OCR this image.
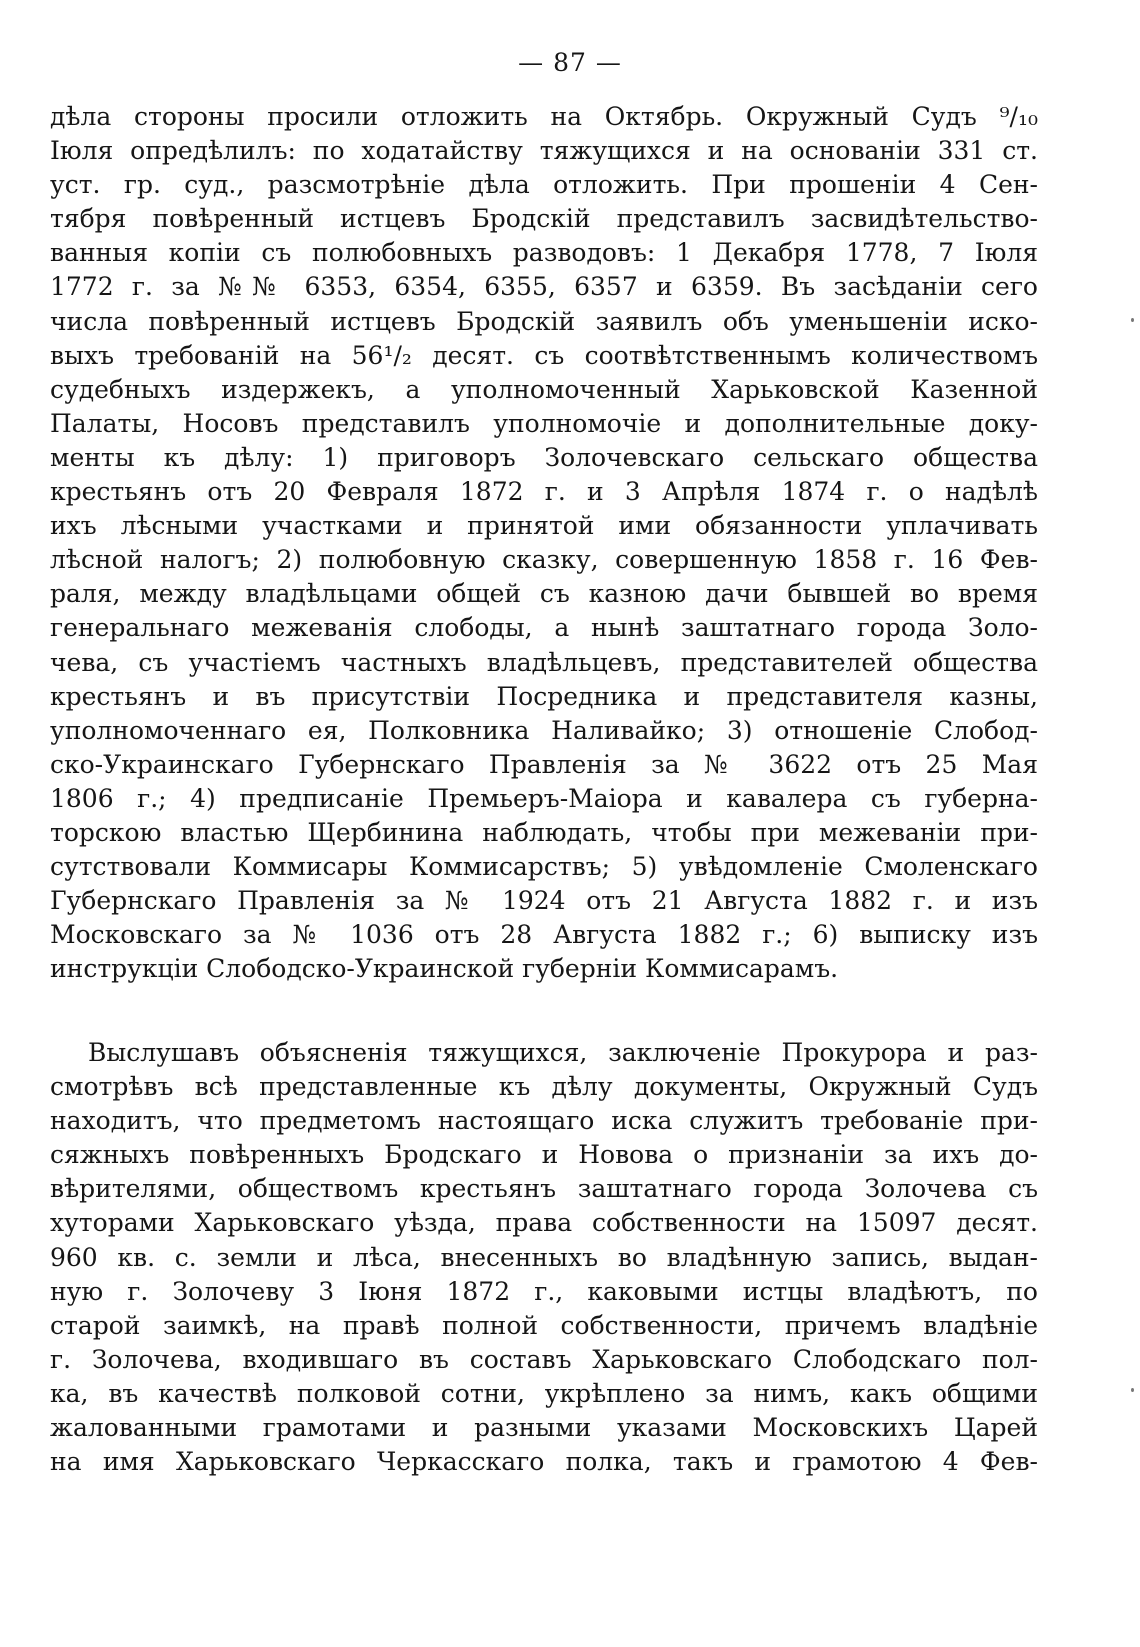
— 87 —
дѣла стороны просили отложить на Октябрь. Окружный Судъ ⁹/₁₀
Іюля опредѣлилъ: по ходатайству тяжущихся и на основаніи 331 ст.
уст. гр. суд., разсмотрѣніе дѣла отложить. При прошеніи 4 Сен-
тября повѣренный истцевъ Бродскій представилъ засвидѣтельство-
ванныя копіи съ полюбовныхъ разводовъ: 1 Декабря 1778, 7 Іюля
1772 г. за №№ 6353, 6354, 6355, 6357 и 6359. Въ засѣданіи сего
числа повѣренный истцевъ Бродскій заявилъ объ уменьшеніи иско-
выхъ требованій на 56¹/₂ десят. съ соотвѣтственнымъ количествомъ
судебныхъ издержекъ, а уполномоченный Харьковской Казенной
Палаты, Носовъ представилъ уполномочіе и дополнительные доку-
менты къ дѣлу: 1) приговоръ Золочевскаго сельскаго общества
крестьянъ отъ 20 Февраля 1872 г. и 3 Апрѣля 1874 г. о надѣлѣ
ихъ лѣсными участками и принятой ими обязанности уплачивать
лѣсной налогъ; 2) полюбовную сказку, совершенную 1858 г. 16 Фев-
раля, между владѣльцами общей съ казною дачи бывшей во время
генеральнаго межеванія слободы, а нынѣ заштатнаго города Золо-
чева, съ участіемъ частныхъ владѣльцевъ, представителей общества
крестьянъ и въ присутствіи Посредника и представителя казны,
уполномоченнаго ея, Полковника Наливайко; 3) отношеніе Слобод-
ско-Украинскаго Губернскаго Правленія за № 3622 отъ 25 Мая
1806 г.; 4) предписаніе Премьеръ-Маіора и кавалера съ губерна-
торскою властью Щербинина наблюдать, чтобы при межеваніи при-
сутствовали Коммисары Коммисарствъ; 5) увѣдомленіе Смоленскаго
Губернскаго Правленія за № 1924 отъ 21 Августа 1882 г. и изъ
Московскаго за № 1036 отъ 28 Августа 1882 г.; 6) выписку изъ
инструкціи Слободско-Украинской губерніи Коммисарамъ.
Выслушавъ объясненія тяжущихся, заключеніе Прокурора и раз-
смотрѣвъ всѣ представленные къ дѣлу документы, Окружный Судъ
находитъ, что предметомъ настоящаго иска служитъ требованіе при-
сяжныхъ повѣренныхъ Бродскаго и Новова о признаніи за ихъ до-
вѣрителями, обществомъ крестьянъ заштатнаго города Золочева съ
хуторами Харьковскаго уѣзда, права собственности на 15097 десят.
960 кв. с. земли и лѣса, внесенныхъ во владѣнную запись, выдан-
ную г. Золочеву 3 Іюня 1872 г., каковыми истцы владѣютъ, по
старой заимкѣ, на правѣ полной собственности, причемъ владѣніе
г. Золочева, входившаго въ составъ Харьковскаго Слободскаго пол-
ка, въ качествѣ полковой сотни, укрѣплено за нимъ, какъ общими
жалованными грамотами и разными указами Московскихъ Царей
на имя Харьковскаго Черкасскаго полка, такъ и грамотою 4 Фев-
